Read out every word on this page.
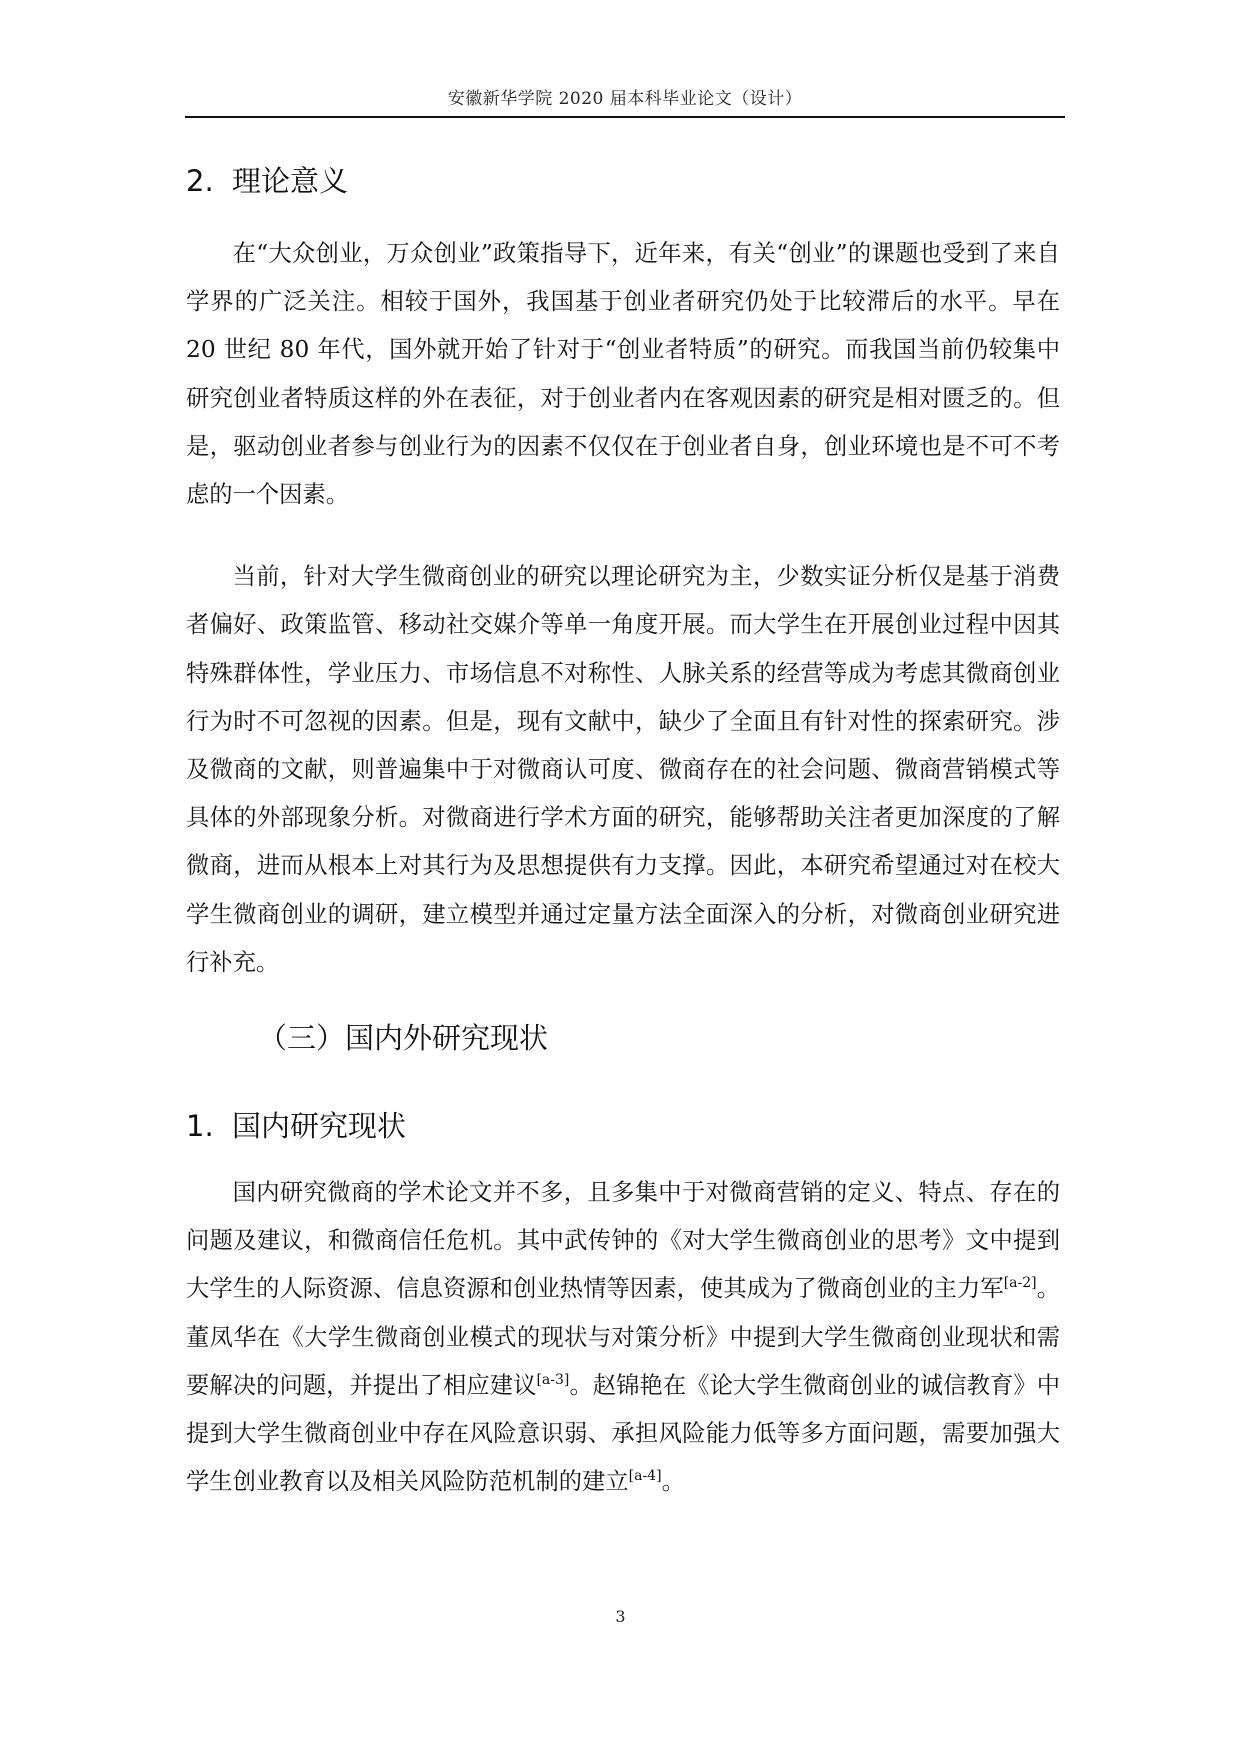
安徽新华学院 2020 届本科毕业论文（设计）
2. 理论意义

在“大众创业，万众创业”政策指导下，近年来，有关“创业”的课题也受到了来自学界的广泛关注。相较于国外，我国基于创业者研究仍处于比较滞后的水平。早在 20 世纪 80 年代，国外就开始了针对于“创业者特质”的研究。而我国当前仍较集中研究创业者特质这样的外在表征，对于创业者内在客观因素的研究是相对匮乏的。但是，驱动创业者参与创业行为的因素不仅仅在于创业者自身，创业环境也是不可不考虑的一个因素。

当前，针对大学生微商创业的研究以理论研究为主，少数实证分析仅是基于消费者偏好、政策监管、移动社交媒介等单一角度开展。而大学生在开展创业过程中因其特殊群体性，学业压力、市场信息不对称性、人脉关系的经营等成为考虑其微商创业行为时不可忽视的因素。但是，现有文献中，缺少了全面且有针对性的探索研究。涉及微商的文献，则普遍集中于对微商认可度、微商存在的社会问题、微商营销模式等具体的外部现象分析。对微商进行学术方面的研究，能够帮助关注者更加深度的了解微商，进而从根本上对其行为及思想提供有力支撑。因此，本研究希望通过对在校大学生微商创业的调研，建立模型并通过定量方法全面深入的分析，对微商创业研究进行补充。

（三）国内外研究现状
1. 国内研究现状

国内研究微商的学术论文并不多，且多集中于对微商营销的定义、特点、存在的问题及建议，和微商信任危机。其中武传钟的《对大学生微商创业的思考》文中提到大学生的人际资源、信息资源和创业热情等因素，使其成为了微商创业的主力军[a-2]。董凤华在《大学生微商创业模式的现状与对策分析》中提到大学生微商创业现状和需要解决的问题，并提出了相应建议[a-3]。赵锦艳在《论大学生微商创业的诚信教育》中提到大学生微商创业中存在风险意识弱、承担风险能力低等多方面问题，需要加强大学生创业教育以及相关风险防范机制的建立[a-4]。

3
